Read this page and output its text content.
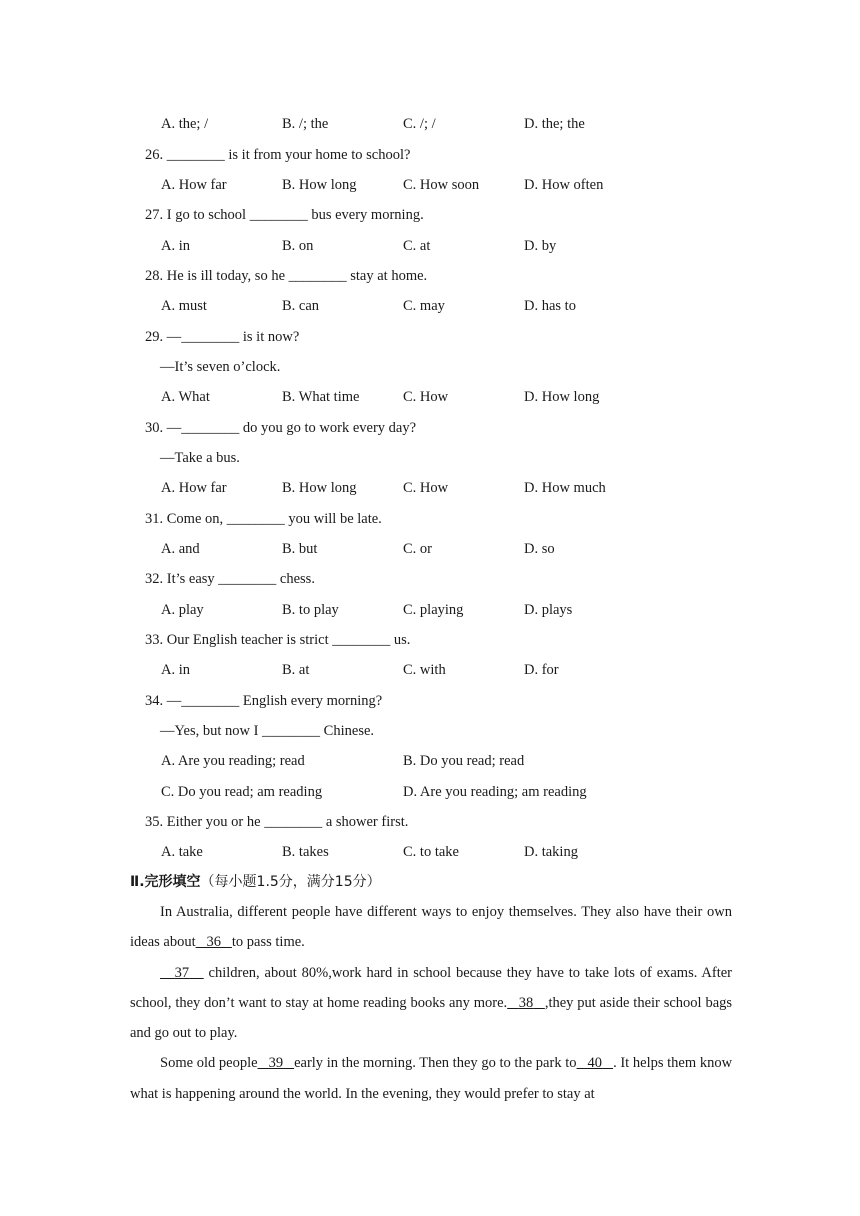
A. the; /	B. /; the	C. /; /	D. the; the
26. ________ is it from your home to school?
A. How far	B. How long	C. How soon	D. How often
27. I go to school ________ bus every morning.
A. in	B. on	C. at	D. by
28. He is ill today, so he ________ stay at home.
A. must	B. can	C. may	D. has to
29. —________ is it now?
—It’s seven o’clock.
A. What	B. What time	C. How	D. How long
30. —________ do you go to work every day?
—Take a bus.
A. How far	B. How long	C. How	D. How much
31. Come on, ________ you will be late.
A. and	B. but	C. or	D. so
32. It’s easy ________ chess.
A. play	B. to play	C. playing	D. plays
33. Our English teacher is strict ________ us.
A. in	B. at	C. with	D. for
34. —________ English every morning?
—Yes, but now I ________ Chinese.
A. Are you reading; read	B. Do you read; read
C. Do you read; am reading	D. Are you reading; am reading
35. Either you or he ________ a shower first.
A. take	B. takes	C. to take	D. taking
Ⅱ.完形填空（每小题1.5分，满分15分）

In Australia, different people have different ways to enjoy themselves. They also have their own ideas about 36 to pass time.

37    children, about 80%,work hard in school because they have to take lots of exams. After school, they don’t want to stay at home reading books any more. 38 ,they put aside their school bags and go out to play.

Some old people 39 early in the morning. Then they go to the park to 40 . It helps them know what is happening around the world. In the evening, they would prefer to stay at
